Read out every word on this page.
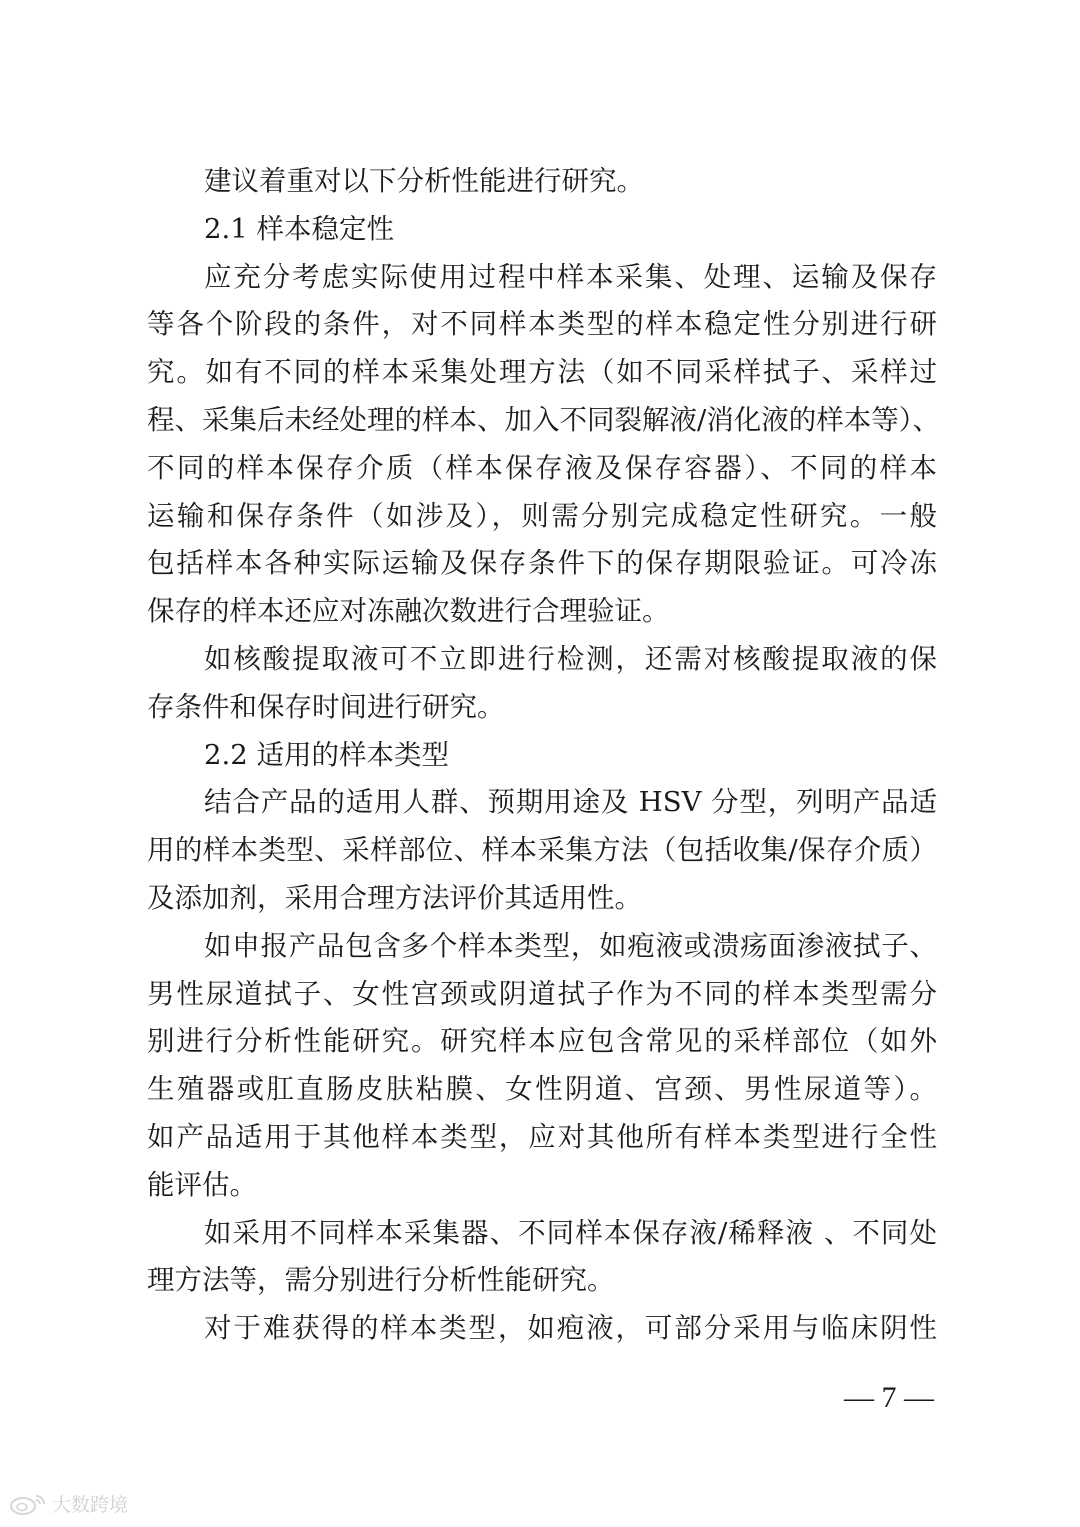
建议着重对以下分析性能进行研究。
2.1 样本稳定性
应充分考虑实际使用过程中样本采集、处理、运输及保存
等各个阶段的条件，对不同样本类型的样本稳定性分别进行研
究。如有不同的样本采集处理方法（如不同采样拭子、采样过
程、采集后未经处理的样本、加入不同裂解液/消化液的样本等）、
不同的样本保存介质（样本保存液及保存容器）、不同的样本
运输和保存条件（如涉及），则需分别完成稳定性研究。一般
包括样本各种实际运输及保存条件下的保存期限验证。可冷冻
保存的样本还应对冻融次数进行合理验证。
如核酸提取液可不立即进行检测，还需对核酸提取液的保
存条件和保存时间进行研究。
2.2 适用的样本类型
结合产品的适用人群、预期用途及 HSV 分型，列明产品适
用的样本类型、采样部位、样本采集方法（包括收集/保存介质）
及添加剂，采用合理方法评价其适用性。
如申报产品包含多个样本类型，如疱液或溃疡面渗液拭子、
男性尿道拭子、女性宫颈或阴道拭子作为不同的样本类型需分
别进行分析性能研究。研究样本应包含常见的采样部位（如外
生殖器或肛直肠皮肤粘膜、女性阴道、宫颈、男性尿道等）。
如产品适用于其他样本类型，应对其他所有样本类型进行全性
能评估。
如采用不同样本采集器、不同样本保存液/稀释液 、不同处
理方法等，需分别进行分析性能研究。
对于难获得的样本类型，如疱液，可部分采用与临床阴性
— 7 —
大数跨境
